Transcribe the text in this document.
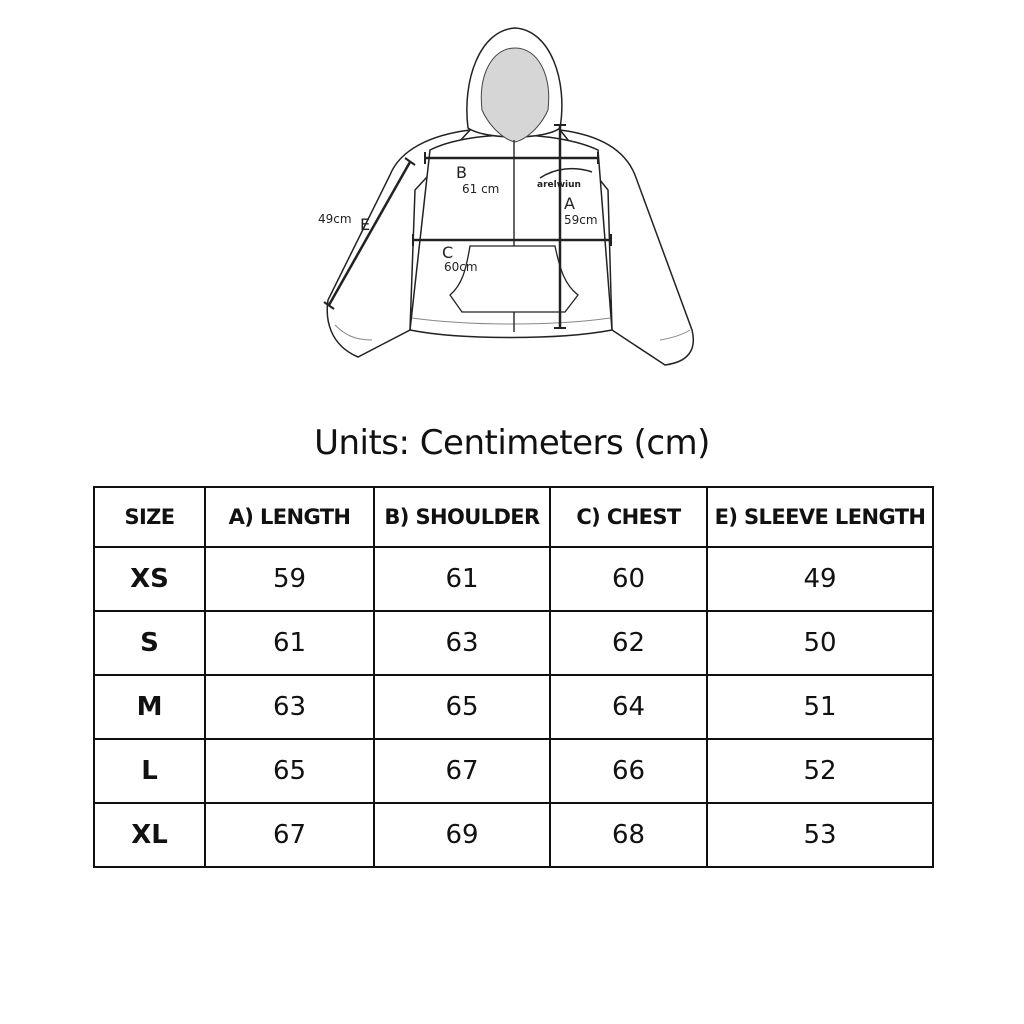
B
61 cm
C
60cm
A
59cm
E
49cm
arelwiun
Units: Centimeters (cm)
SIZE	A) LENGTH	B) SHOULDER	C) CHEST	E) SLEEVE LENGTH
XS	59	61	60	49
S	61	63	62	50
M	63	65	64	51
L	65	67	66	52
XL	67	69	68	53
